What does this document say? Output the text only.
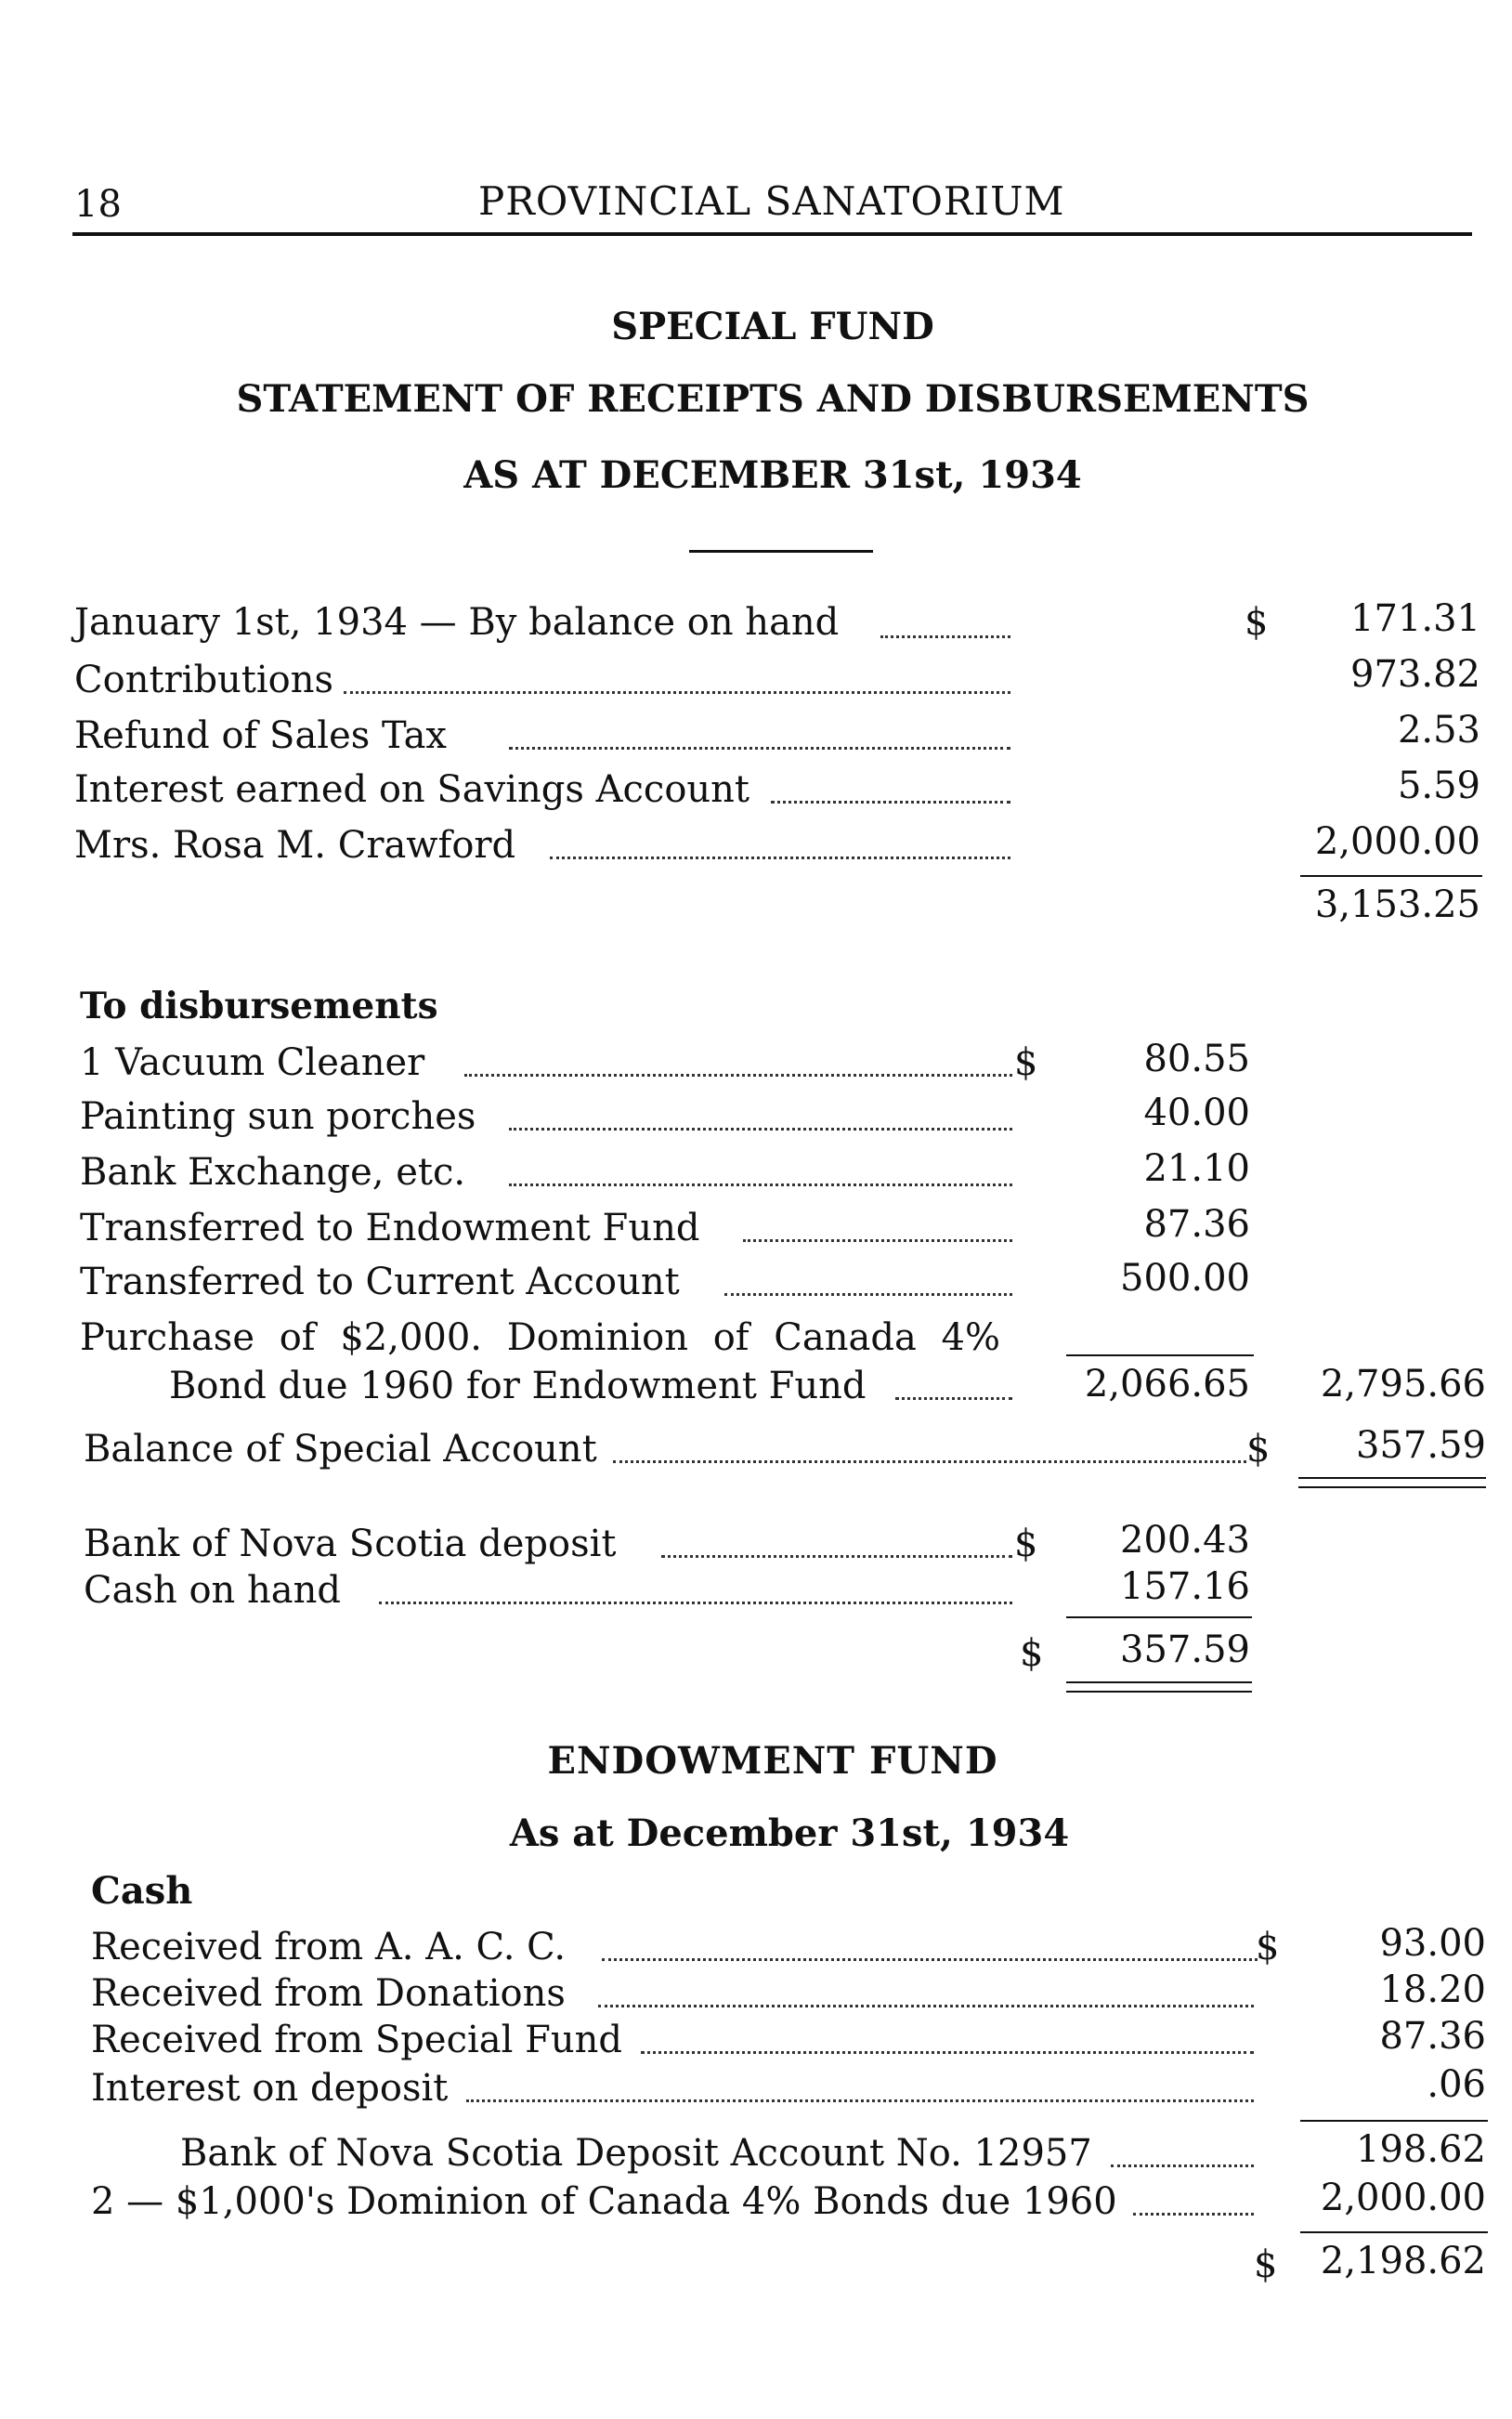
18	PROVINCIAL SANATORIUM
SPECIAL FUND
STATEMENT OF RECEIPTS AND DISBURSEMENTS
AS AT DECEMBER 31st, 1934
January 1st, 1934 — By balance on hand	$ 171.31
Contributions	973.82
Refund of Sales Tax	2.53
Interest earned on Savings Account	5.59
Mrs. Rosa M. Crawford	2,000.00
3,153.25
To disbursements
1 Vacuum Cleaner	$	80.55
Painting sun porches	40.00
Bank Exchange, etc.	21.10
Transferred to Endowment Fund	87.36
Transferred to Current Account	500.00
Purchase of $2,000. Dominion of Canada 4%
Bond due 1960 for Endowment Fund	2,066.65 2,795.66
Balance of Special Account	$ 357.59
Bank of Nova Scotia deposit	$ 200.43
Cash on hand	157.16
$ 357.59
ENDOWMENT FUND
As at December 31st, 1934
Cash
Received from A. A. C. C.	$	93.00
Received from Donations	18.20
Received from Special Fund	87.36
Interest on deposit	.06
Bank of Nova Scotia Deposit Account No. 12957	198.62
2 — $1,000's Dominion of Canada 4% Bonds due 1960	2,000.00
$ 2,198.62
